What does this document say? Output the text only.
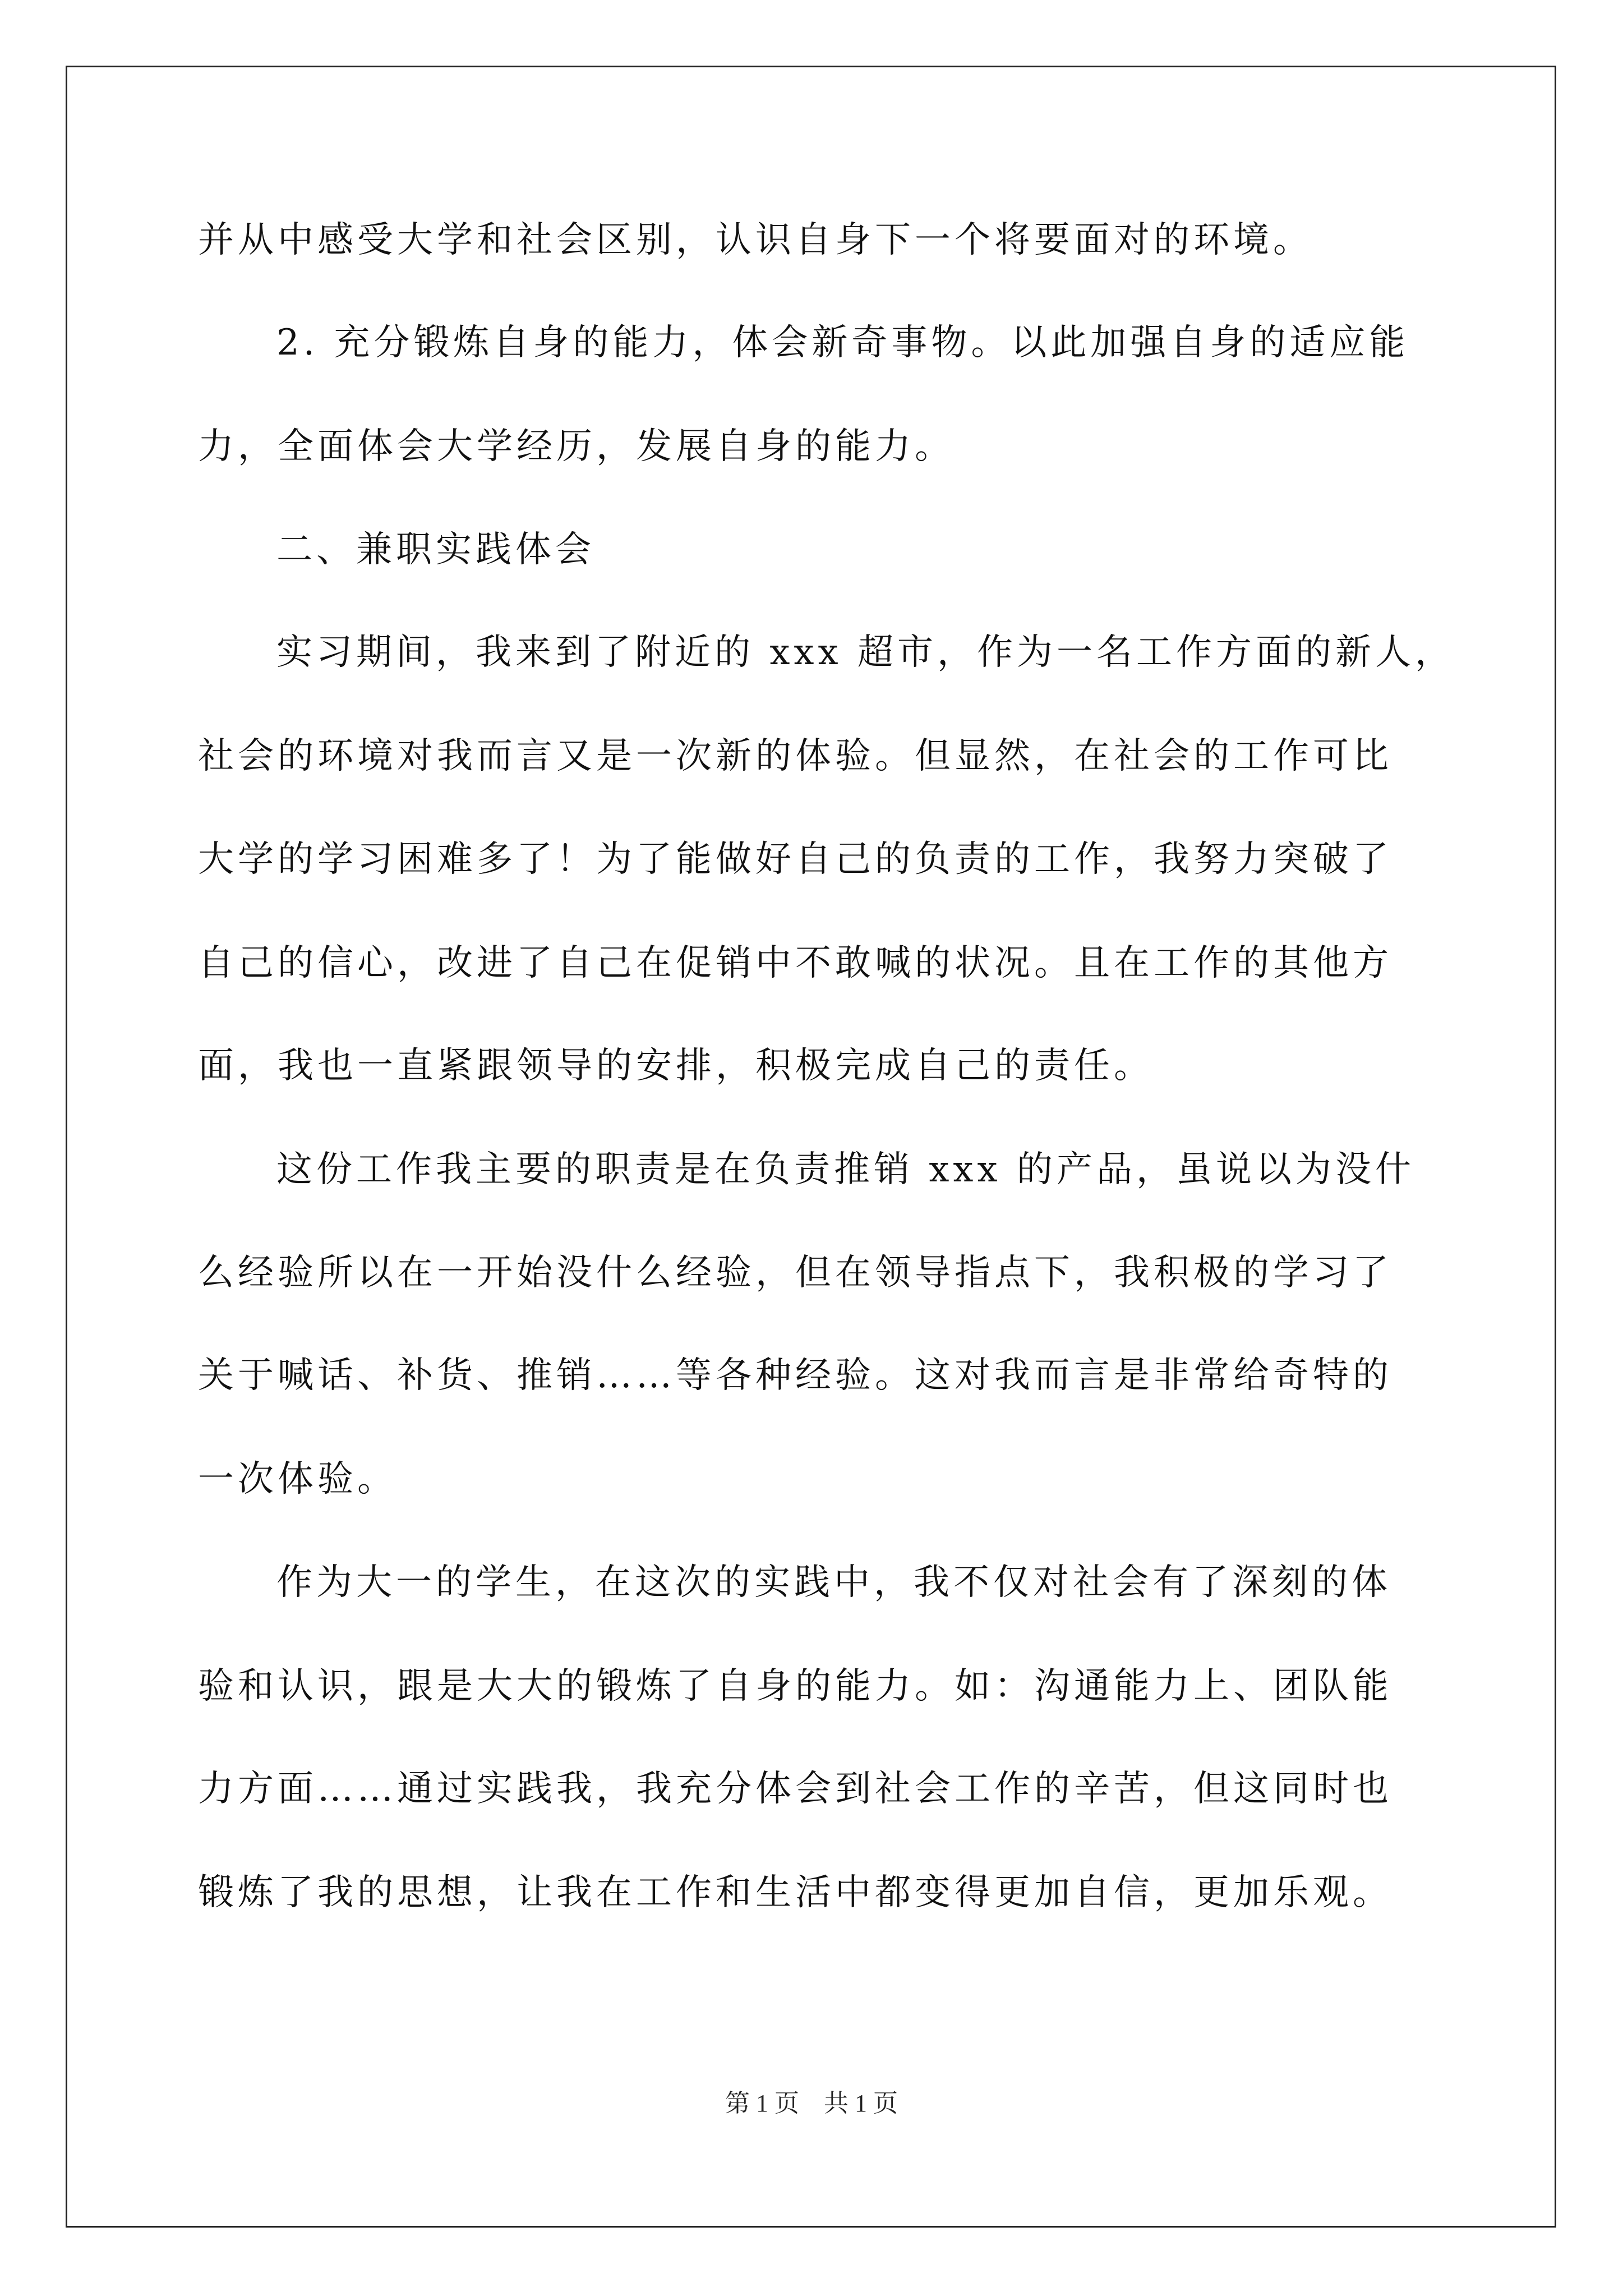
并从中感受大学和社会区别，认识自身下一个将要面对的环境。
2. 充分锻炼自身的能力，体会新奇事物。以此加强自身的适应能
力，全面体会大学经历，发展自身的能力。
二、兼职实践体会
实习期间，我来到了附近的 xxx 超市，作为一名工作方面的新人，
社会的环境对我而言又是一次新的体验。但显然，在社会的工作可比
大学的学习困难多了！为了能做好自己的负责的工作，我努力突破了
自己的信心，改进了自己在促销中不敢喊的状况。且在工作的其他方
面，我也一直紧跟领导的安排，积极完成自己的责任。
这份工作我主要的职责是在负责推销 xxx 的产品，虽说以为没什
么经验所以在一开始没什么经验，但在领导指点下，我积极的学习了
关于喊话、补货、推销……等各种经验。这对我而言是非常给奇特的
一次体验。
作为大一的学生，在这次的实践中，我不仅对社会有了深刻的体
验和认识，跟是大大的锻炼了自身的能力。如：沟通能力上、团队能
力方面……通过实践我，我充分体会到社会工作的辛苦，但这同时也
锻炼了我的思想，让我在工作和生活中都变得更加自信，更加乐观。
第 1 页　共 1 页
